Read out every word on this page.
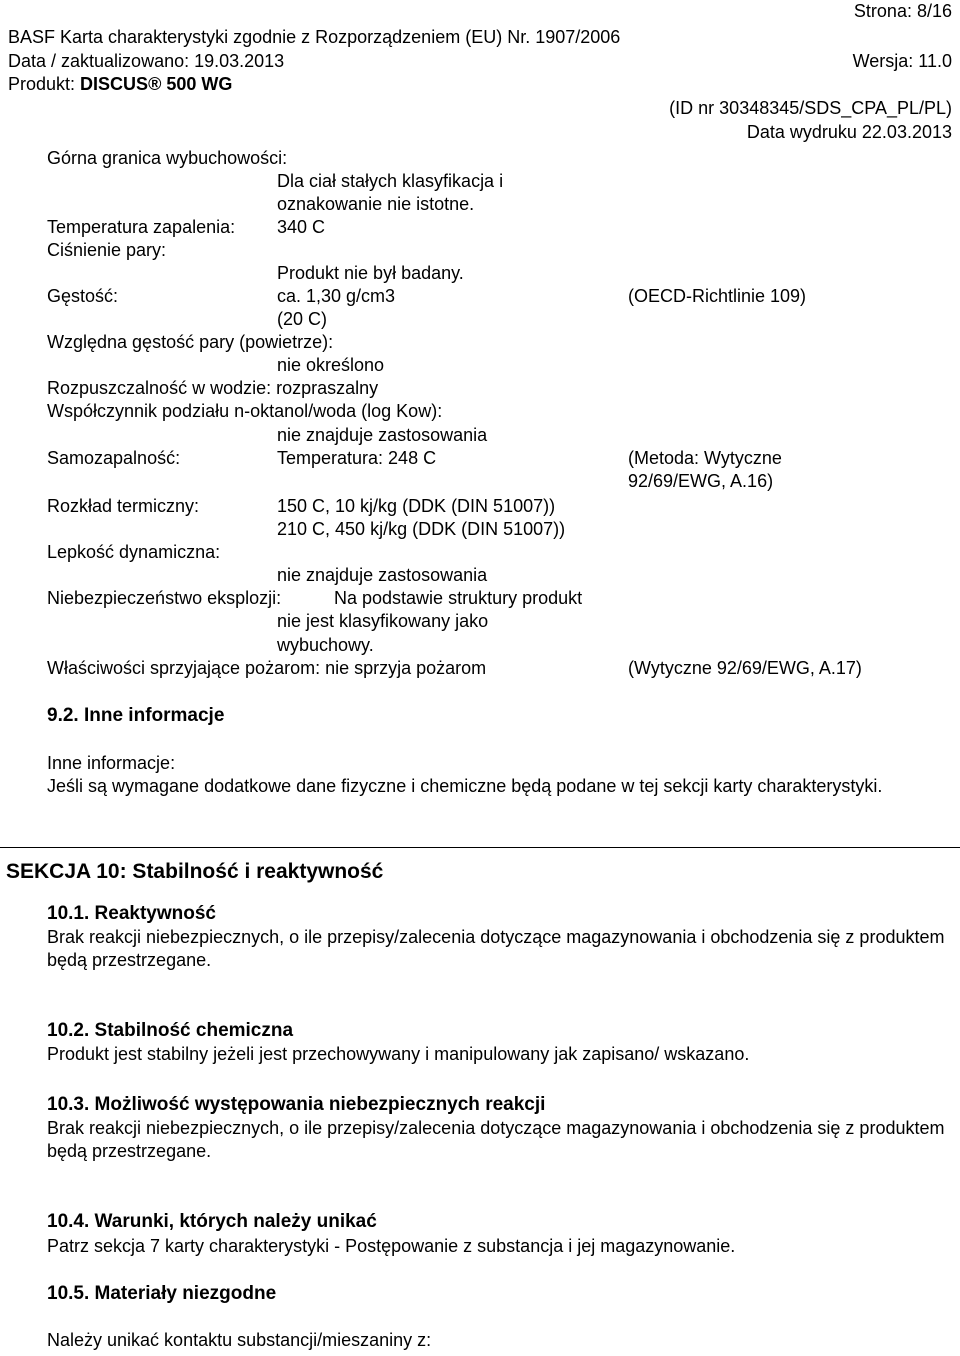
Strona: 8/16
BASF Karta charakterystyki zgodnie z Rozporządzeniem (EU) Nr. 1907/2006
Data / zaktualizowano: 19.03.2013	Wersja: 11.0
Produkt: DISCUS® 500 WG
(ID nr 30348345/SDS_CPA_PL/PL)
Data wydruku 22.03.2013
Górna granica wybuchowości:
Dla ciał stałych klasyfikacja i
oznakowanie nie istotne.
Temperatura zapalenia: 340 C
Ciśnienie pary:
Produkt nie był badany.
Gęstość:	ca. 1,30 g/cm3	(OECD-Richtlinie 109)
(20 C)
Względna gęstość pary (powietrze):
nie określono
Rozpuszczalność w wodzie: rozpraszalny
Współczynnik podziału n-oktanol/woda (log Kow):
nie znajduje zastosowania
Samozapalność:	Temperatura: 248 C	(Metoda: Wytyczne
92/69/EWG, A.16)
Rozkład termiczny:	150 C, 10 kj/kg (DDK (DIN 51007))
210 C, 450 kj/kg (DDK (DIN 51007))
Lepkość dynamiczna:
nie znajduje zastosowania
Niebezpieczeństwo eksplozji:	Na podstawie struktury produkt
nie jest klasyfikowany jako
wybuchowy.
Właściwości sprzyjające pożarom: nie sprzyja pożarom	(Wytyczne 92/69/EWG, A.17)
9.2. Inne informacje
Inne informacje:
Jeśli są wymagane dodatkowe dane fizyczne i chemiczne będą podane w tej sekcji karty charakterystyki.
SEKCJA 10: Stabilność i reaktywność
10.1. Reaktywność
Brak reakcji niebezpiecznych, o ile przepisy/zalecenia dotyczące magazynowania i obchodzenia się z produktem będą przestrzegane.
10.2. Stabilność chemiczna
Produkt jest stabilny jeżeli jest przechowywany i manipulowany jak zapisano/ wskazano.
10.3. Możliwość występowania niebezpiecznych reakcji
Brak reakcji niebezpiecznych, o ile przepisy/zalecenia dotyczące magazynowania i obchodzenia się z produktem będą przestrzegane.
10.4. Warunki, których należy unikać
Patrz sekcja 7 karty charakterystyki - Postępowanie z substancja i jej magazynowanie.
10.5. Materiały niezgodne
Należy unikać kontaktu substancji/mieszaniny z:
